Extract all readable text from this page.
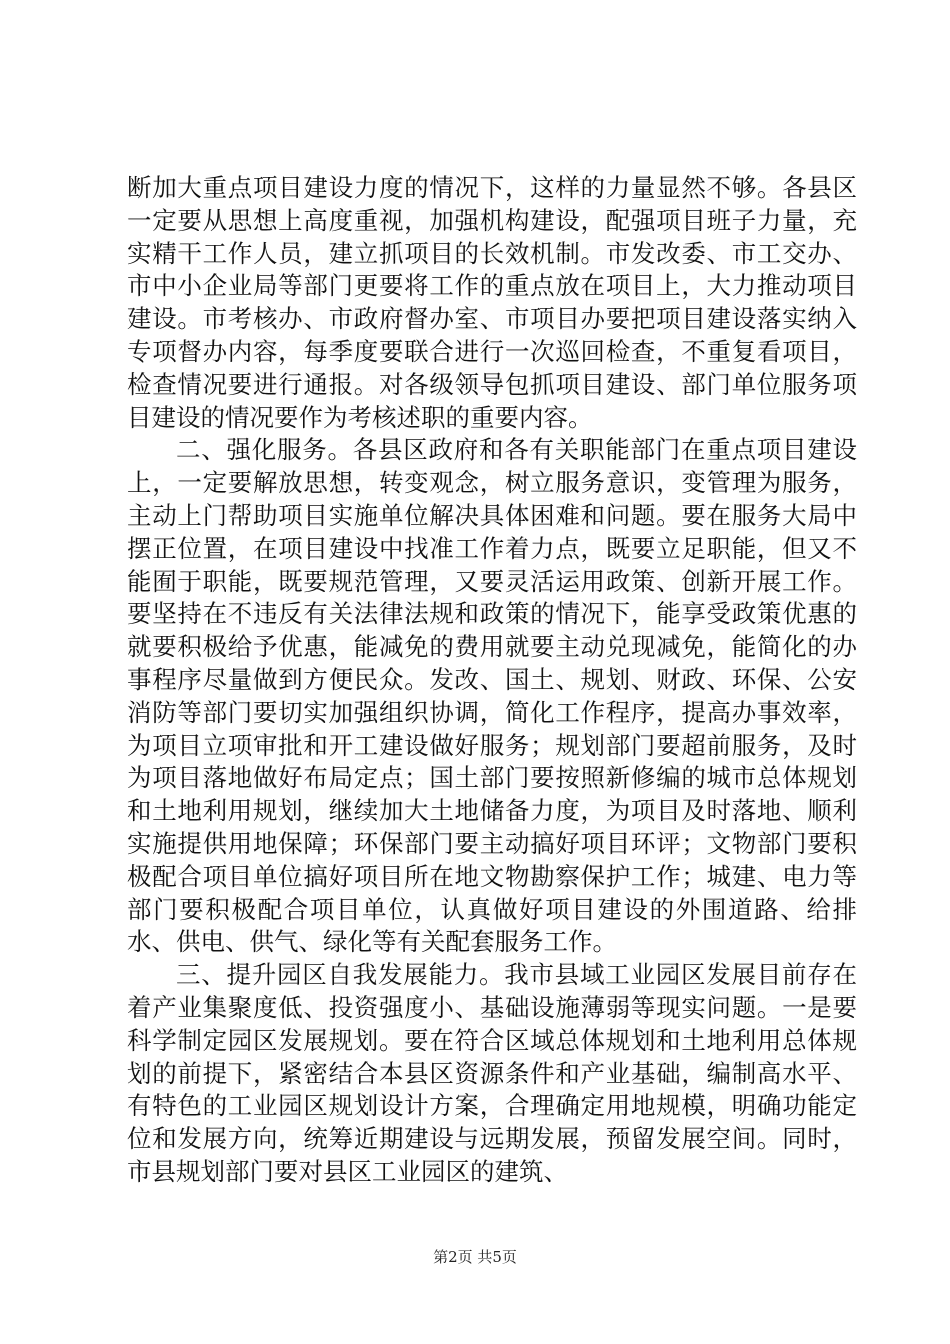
断加大重点项目建设力度的情况下，这样的力量显然不够。各县区一定要从思想上高度重视，加强机构建设，配强项目班子力量，充实精干工作人员，建立抓项目的长效机制。市发改委、市工交办、市中小企业局等部门更要将工作的重点放在项目上，大力推动项目建设。市考核办、市政府督办室、市项目办要把项目建设落实纳入专项督办内容，每季度要联合进行一次巡回检查，不重复看项目，检查情况要进行通报。对各级领导包抓项目建设、部门单位服务项目建设的情况要作为考核述职的重要内容。

二、强化服务。各县区政府和各有关职能部门在重点项目建设上，一定要解放思想，转变观念，树立服务意识，变管理为服务，主动上门帮助项目实施单位解决具体困难和问题。要在服务大局中摆正位置，在项目建设中找准工作着力点，既要立足职能，但又不能囿于职能，既要规范管理，又要灵活运用政策、创新开展工作。要坚持在不违反有关法律法规和政策的情况下，能享受政策优惠的就要积极给予优惠，能减免的费用就要主动兑现减免，能简化的办事程序尽量做到方便民众。发改、国土、规划、财政、环保、公安消防等部门要切实加强组织协调，简化工作程序，提高办事效率，为项目立项审批和开工建设做好服务；规划部门要超前服务，及时为项目落地做好布局定点；国土部门要按照新修编的城市总体规划和土地利用规划，继续加大土地储备力度，为项目及时落地、顺利实施提供用地保障；环保部门要主动搞好项目环评；文物部门要积极配合项目单位搞好项目所在地文物勘察保护工作；城建、电力等部门要积极配合项目单位，认真做好项目建设的外围道路、给排水、供电、供气、绿化等有关配套服务工作。

三、提升园区自我发展能力。我市县域工业园区发展目前存在着产业集聚度低、投资强度小、基础设施薄弱等现实问题。一是要科学制定园区发展规划。要在符合区域总体规划和土地利用总体规划的前提下，紧密结合本县区资源条件和产业基础，编制高水平、有特色的工业园区规划设计方案，合理确定用地规模，明确功能定位和发展方向，统筹近期建设与远期发展，预留发展空间。同时，市县规划部门要对县区工业园区的建筑、

第2页 共5页
